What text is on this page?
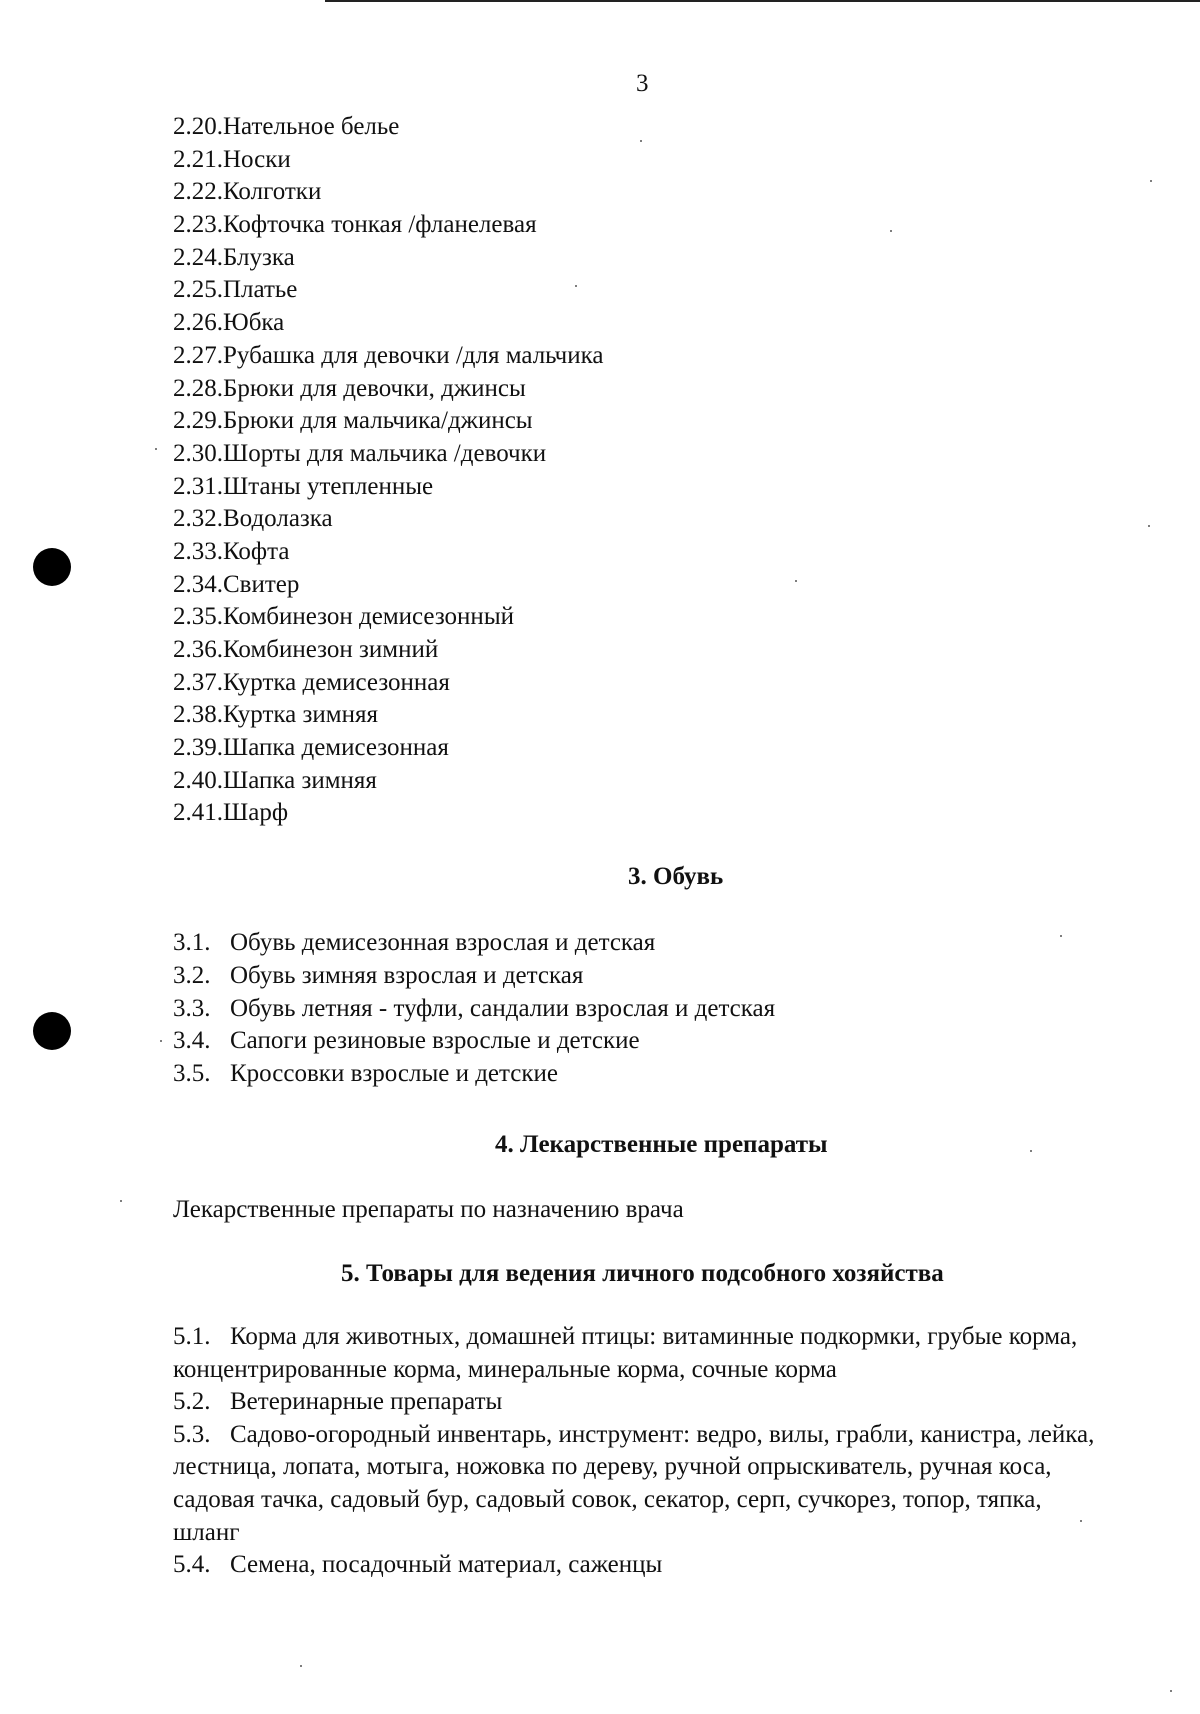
3
2.20.Нательное белье
2.21.Носки
2.22.Колготки
2.23.Кофточка тонкая /фланелевая
2.24.Блузка
2.25.Платье
2.26.Юбка
2.27.Рубашка для девочки /для мальчика
2.28.Брюки для девочки, джинсы
2.29.Брюки для мальчика/джинсы
2.30.Шорты для мальчика /девочки
2.31.Штаны утепленные
2.32.Водолазка
2.33.Кофта
2.34.Свитер
2.35.Комбинезон демисезонный
2.36.Комбинезон зимний
2.37.Куртка демисезонная
2.38.Куртка зимняя
2.39.Шапка демисезонная
2.40.Шапка зимняя
2.41.Шарф
3. Обувь
3.1. Обувь демисезонная взрослая и детская
3.2. Обувь зимняя взрослая и детская
3.3. Обувь летняя - туфли, сандалии взрослая и детская
3.4. Сапоги резиновые взрослые и детские
3.5. Кроссовки взрослые и детские
4. Лекарственные препараты
Лекарственные препараты по назначению врача
5. Товары для ведения личного подсобного хозяйства
5.1. Корма для животных, домашней птицы: витаминные подкормки, грубые корма, концентрированные корма, минеральные корма, сочные корма
5.2. Ветеринарные препараты
5.3. Садово-огородный инвентарь, инструмент: ведро, вилы, грабли, канистра, лейка, лестница, лопата, мотыга, ножовка по дереву, ручной опрыскиватель, ручная коса, садовая тачка, садовый бур, садовый совок, секатор, серп, сучкорез, топор, тяпка, шланг
5.4. Семена, посадочный материал, саженцы
